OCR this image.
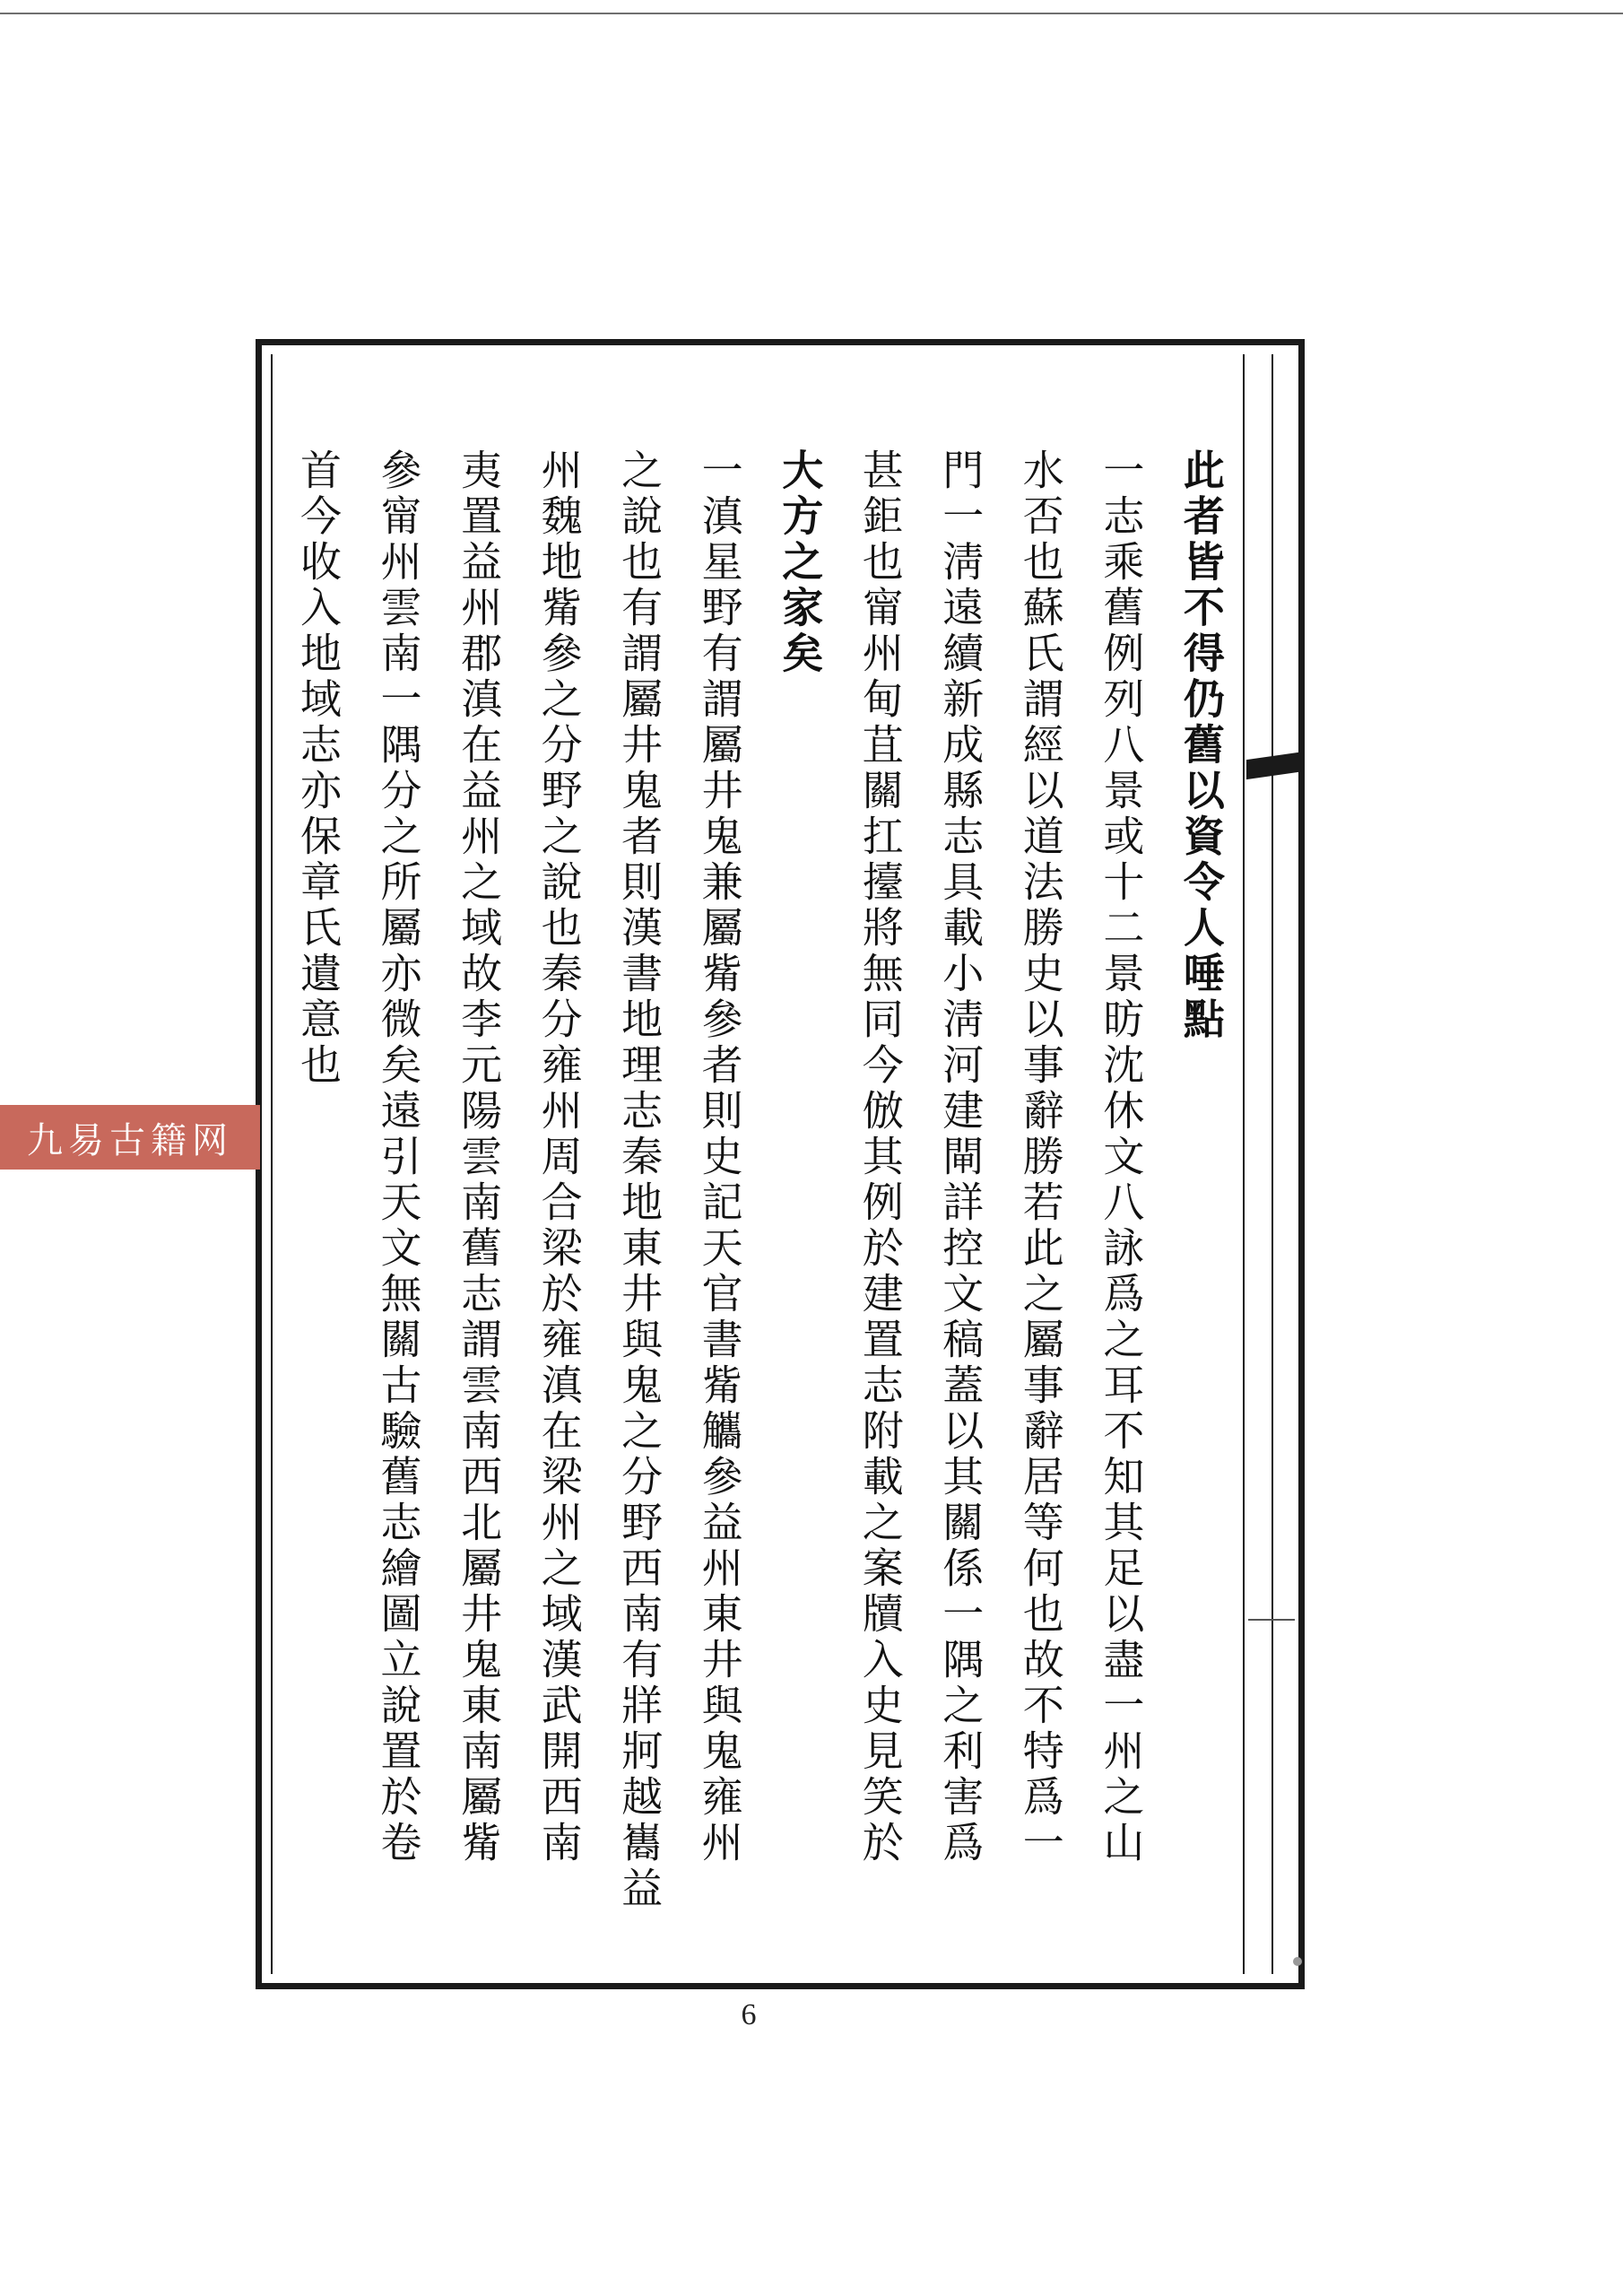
此者皆不得仍舊以資令人唾點
一志乘舊例列八景或十二景昉沈休文八詠爲之耳不知其足以盡一州之山
水否也蘇氏謂經以道法勝史以事辭勝若此之屬事辭居等何也故不特爲一
門一淸遠續新成縣志具載小淸河建閘詳控文稿蓋以其關係一隅之利害爲
甚鉅也甯州甸苴關扛擡將無同今倣其例於建置志附載之案牘入史見笑於
大方之家矣
一滇星野有謂屬井鬼兼屬觜參者則史記天官書觜觿參益州東井與鬼雍州
之說也有謂屬井鬼者則漢書地理志秦地東井與鬼之分野西南有牂牁越巂益
州魏地觜參之分野之說也秦分雍州周合梁於雍滇在梁州之域漢武開西南
夷置益州郡滇在益州之域故李元陽雲南舊志謂雲南西北屬井鬼東南屬觜
參甯州雲南一隅分之所屬亦微矣遠引天文無關古驗舊志繪圖立說置於卷
首今收入地域志亦保章氏遺意也
九易古籍网
6
